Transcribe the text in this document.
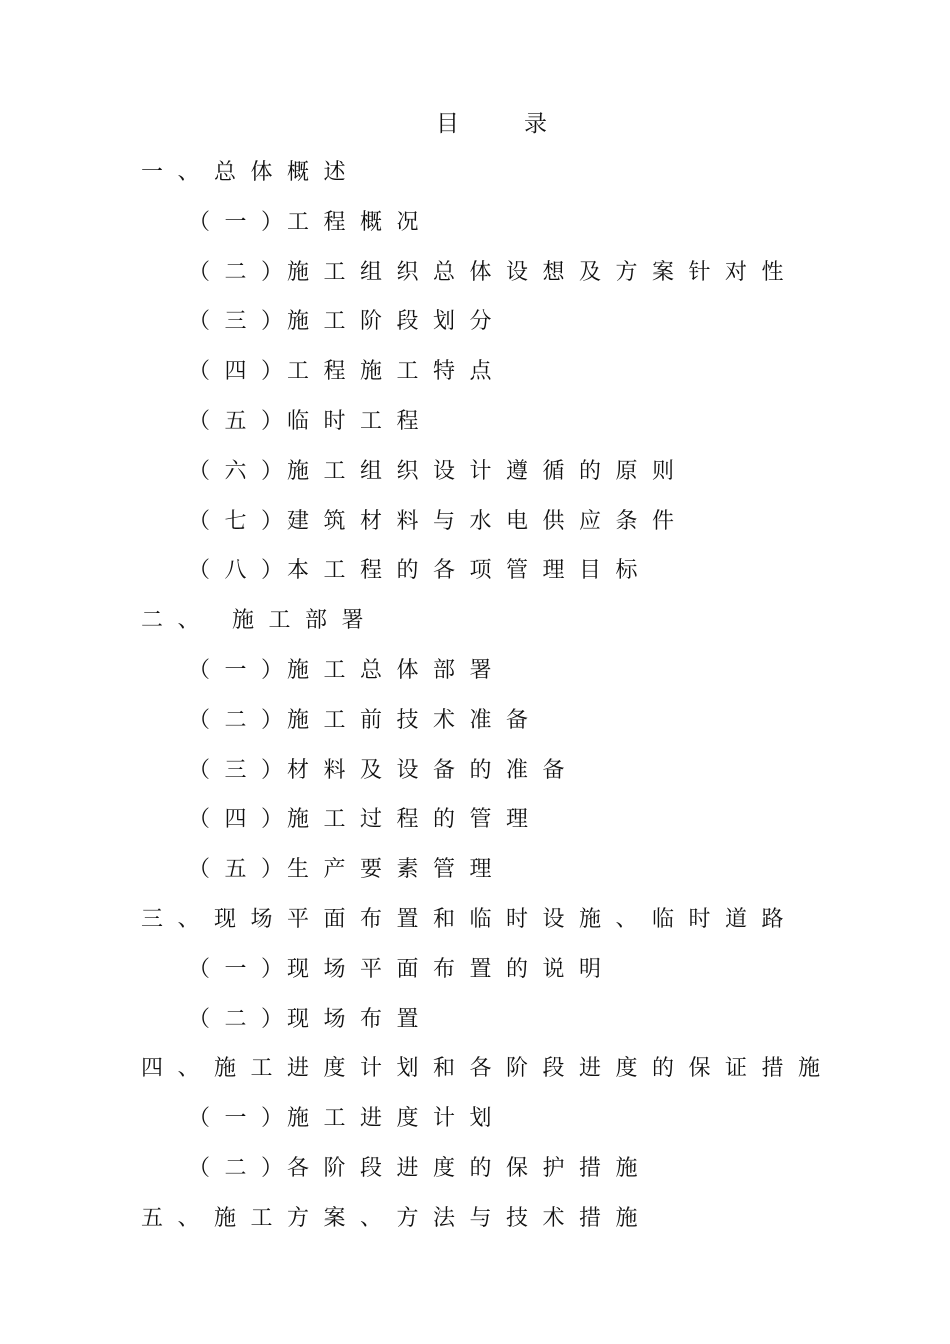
目	录
一、 总体概述
（一）
工程概况
（二）
施工组织总体设想及方案针对性
（三）
施工阶段划分
（四）
工程施工特点
（五）
临时工程
（六）
施工组织设计遵循的原则
（七）
建筑材料与水电供应条件
（八）
本工程的各项管理目标
二、 施工部署
（一）
施工总体部署
（二）
施工前技术准备
（三）
材料及设备的准备
（四）
施工过程的管理
（五）
生产要素管理
三、 现场平面布置和临时设施、临时道路
（一）
现场平面布置的说明
（二）
现场布置
四、 施工进度计划和各阶段进度的保证措施
（一）
施工进度计划
（二）
各阶段进度的保护措施
五、 施工方案、方法与技术措施
